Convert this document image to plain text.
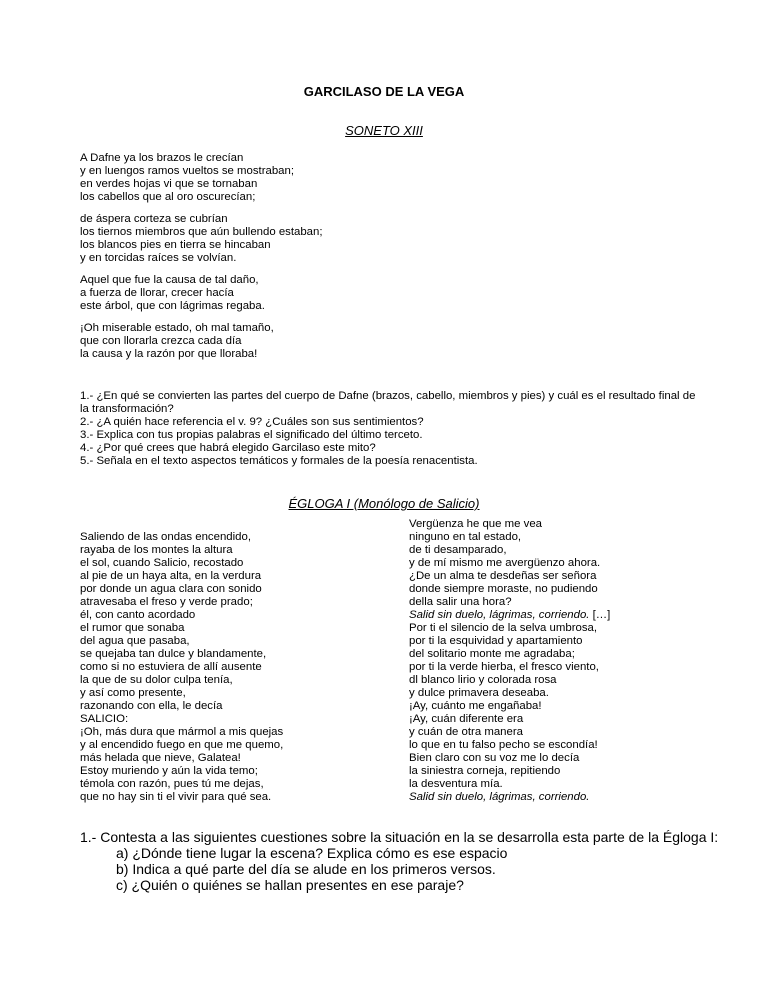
GARCILASO DE LA VEGA
SONETO XIII
A Dafne ya los brazos le crecían
y en luengos ramos vueltos se mostraban;
en verdes hojas vi que se tornaban
los cabellos que al oro oscurecían;
de áspera corteza se cubrían
los tiernos miembros que aún bullendo estaban;
los blancos pies en tierra se hincaban
y en torcidas raíces se volvían.
Aquel que fue la causa de tal daño,
a fuerza de llorar, crecer hacía
este árbol, que con lágrimas regaba.
¡Oh miserable estado, oh mal tamaño,
que con llorarla crezca cada día
la causa y la razón por que lloraba!
1.- ¿En qué se convierten las partes del cuerpo de Dafne (brazos, cabello, miembros y pies) y cuál es el resultado final de la transformación?
2.- ¿A quién hace referencia el v. 9? ¿Cuáles son sus sentimientos?
3.- Explica con tus propias palabras el significado del último terceto.
4.- ¿Por qué crees que habrá elegido Garcilaso este mito?
5.- Señala en el texto aspectos temáticos y formales de la poesía renacentista.
ÉGLOGA I (Monólogo de Salicio)
Saliendo de las ondas encendido,
rayaba de los montes la altura
el sol, cuando Salicio, recostado
al pie de un haya alta, en la verdura
por donde un agua clara con sonido
atravesaba el freso y verde prado;
él, con canto acordado
el rumor que sonaba
del agua que pasaba,
se quejaba tan dulce y blandamente,
como si no estuviera de allí ausente
la que de su dolor culpa tenía,
y así como presente,
razonando con ella, le decía
SALICIO:
¡Oh, más dura que mármol a mis quejas
y al encendido fuego en que me quemo,
más helada que nieve, Galatea!
Estoy muriendo y aún la vida temo;
témola con razón, pues tú me dejas,
que no hay sin ti el vivir para qué sea.
Vergüenza he que me vea
ninguno en tal estado,
de ti desamparado,
y de mí mismo me avergüenzo ahora.
¿De un alma te desdeñas ser señora
donde siempre moraste, no pudiendo
della salir una hora?
Salid sin duelo, lágrimas, corriendo. […]
Por ti el silencio de la selva umbrosa,
por ti la esquividad y apartamiento
del solitario monte me agradaba;
por ti la verde hierba, el fresco viento,
dl blanco lirio y colorada rosa
y dulce primavera deseaba.
¡Ay, cuánto me engañaba!
¡Ay, cuán diferente era
y cuán de otra manera
lo que en tu falso pecho se escondía!
Bien claro con su voz me lo decía
la siniestra corneja, repitiendo
la desventura mía.
Salid sin duelo, lágrimas, corriendo.
1.- Contesta a las siguientes cuestiones sobre la situación en la se desarrolla esta parte de la Égloga I:
a) ¿Dónde tiene lugar la escena? Explica cómo es ese espacio
b) Indica a qué parte del día se alude en los primeros versos.
c) ¿Quién o quiénes se hallan presentes en ese paraje?
